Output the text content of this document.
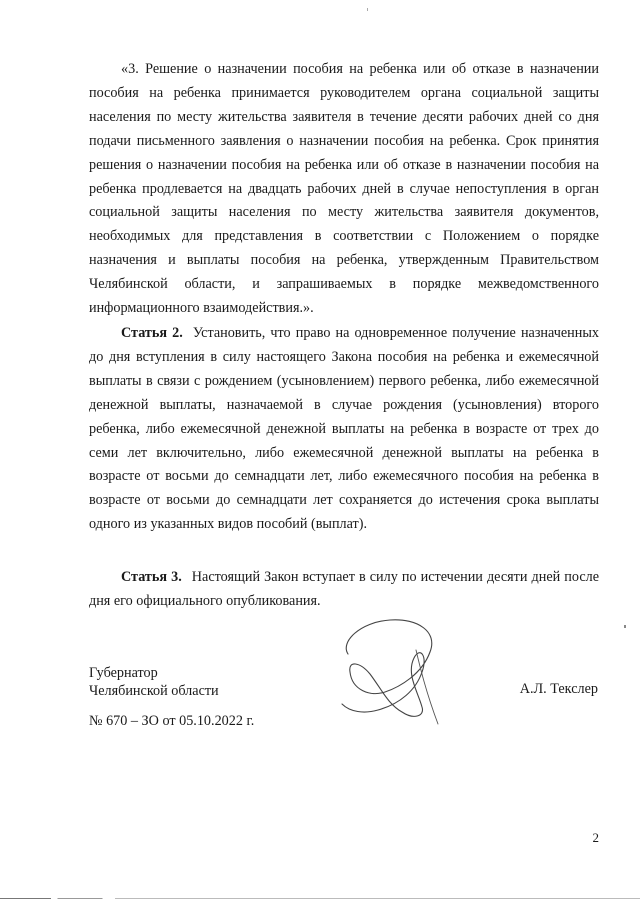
«3. Решение о назначении пособия на ребенка или об отказе в назначении пособия на ребенка принимается руководителем органа социальной защиты населения по месту жительства заявителя в течение десяти рабочих дней со дня подачи письменного заявления о назначении пособия на ребенка. Срок принятия решения о назначении пособия на ребенка или об отказе в назначении пособия на ребенка продлевается на двадцать рабочих дней в случае непоступления в орган социальной защиты населения по месту жительства заявителя документов, необходимых для представления в соответствии с Положением о порядке назначения и выплаты пособия на ребенка, утвержденным Правительством Челябинской области, и запрашиваемых в порядке межведомственного информационного взаимодействия.».

Статья 2. Установить, что право на одновременное получение назначенных до дня вступления в силу настоящего Закона пособия на ребенка и ежемесячной выплаты в связи с рождением (усыновлением) первого ребенка, либо ежемесячной денежной выплаты, назначаемой в случае рождения (усыновления) второго ребенка, либо ежемесячной денежной выплаты на ребенка в возрасте от трех до семи лет включительно, либо ежемесячной денежной выплаты на ребенка в возрасте от восьми до семнадцати лет, либо ежемесячного пособия на ребенка в возрасте от восьми до семнадцати лет сохраняется до истечения срока выплаты одного из указанных видов пособий (выплат).

Статья 3. Настоящий Закон вступает в силу по истечении десяти дней после дня его официального опубликования.

Губернатор
Челябинской области	А.Л. Текслер
№ 670 – ЗО от 05.10.2022 г.
2
